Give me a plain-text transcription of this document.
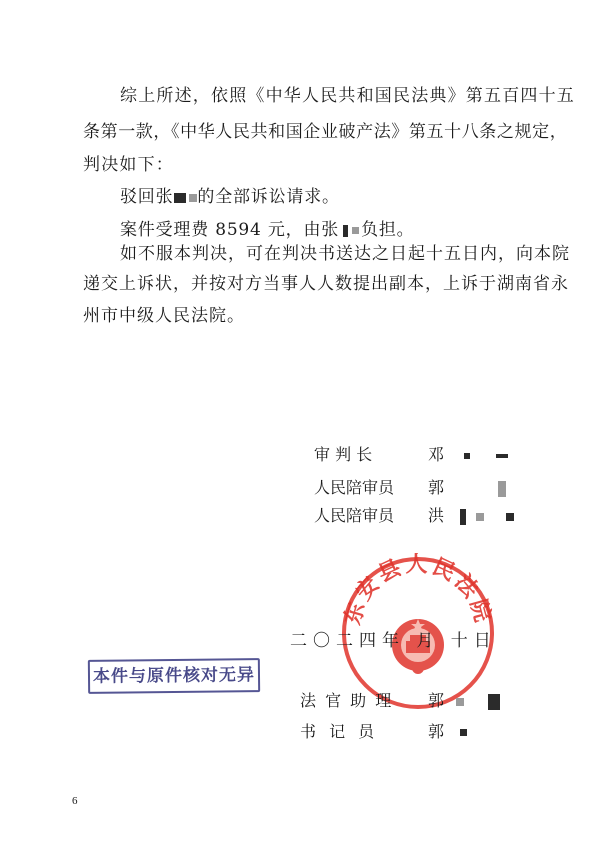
综上所述，依照《中华人民共和国民法典》第五百四十五
条第一款，《中华人民共和国企业破产法》第五十八条之规定，
判决如下：
驳回张 的全部诉讼请求。
案件受理费 8594 元，由张 负担。
如不服本判决，可在判决书送达之日起十五日内，向本院
递交上诉状，并按对方当事人人数提出副本，上诉于湖南省永
州市中级人民法院。
审 判 长	邓
人民陪审员 郭
人民陪审员 洪
东安县人民法院
二〇二四年 月 十日
本件与原件核对无异
法 官 助 理 郭
书 记 员	郭
6
